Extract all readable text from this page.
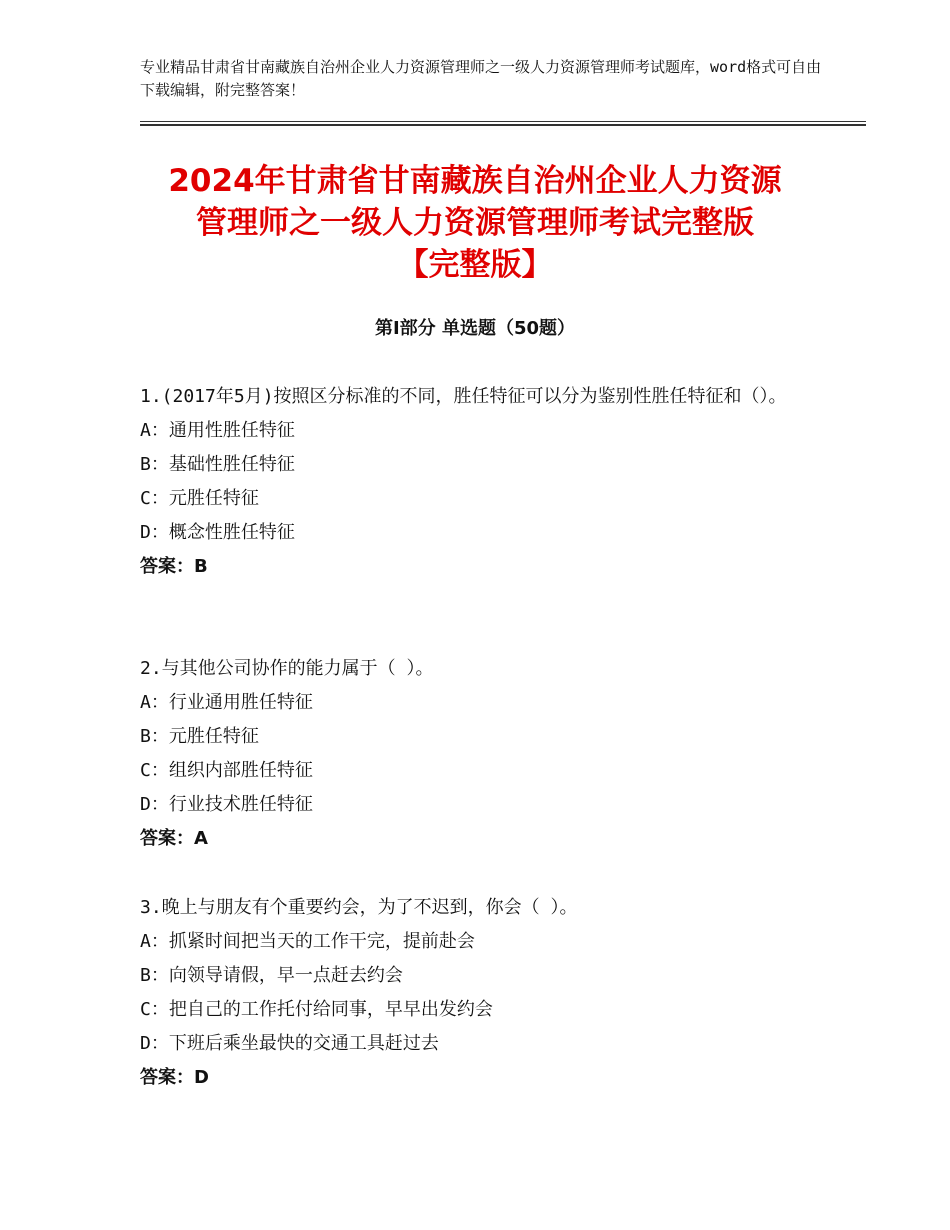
专业精品甘肃省甘南藏族自治州企业人力资源管理师之一级人力资源管理师考试题库，word格式可自由下载编辑，附完整答案！
2024年甘肃省甘南藏族自治州企业人力资源
管理师之一级人力资源管理师考试完整版
【完整版】
第Ⅰ部分 单选题（50题）
1.(2017年5月)按照区分标准的不同，胜任特征可以分为鉴别性胜任特征和（）。
A：通用性胜任特征
B：基础性胜任特征
C：元胜任特征
D：概念性胜任特征
答案：B
2.与其他公司协作的能力属于（ ）。
A：行业通用胜任特征
B：元胜任特征
C：组织内部胜任特征
D：行业技术胜任特征
答案：A
3.晚上与朋友有个重要约会，为了不迟到，你会（ ）。
A：抓紧时间把当天的工作干完，提前赴会
B：向领导请假，早一点赶去约会
C：把自己的工作托付给同事，早早出发约会
D：下班后乘坐最快的交通工具赶过去
答案：D
